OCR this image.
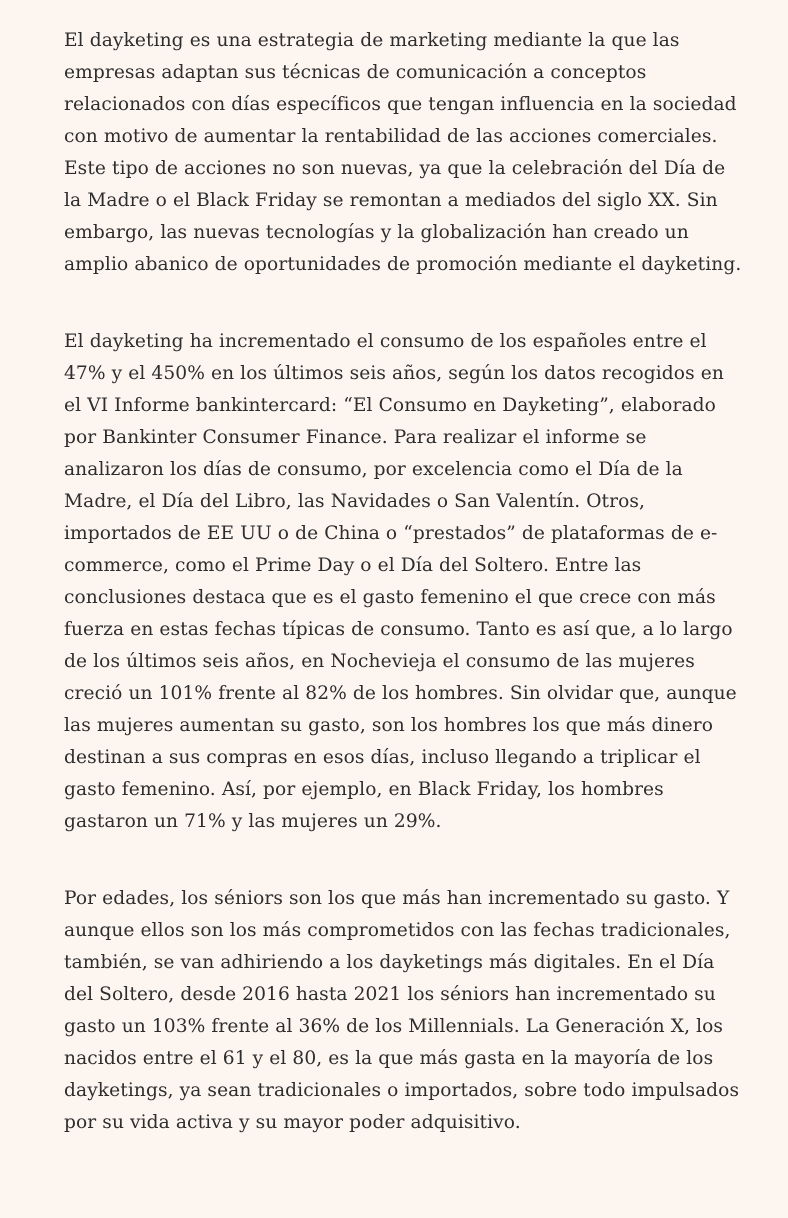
El dayketing es una estrategia de marketing mediante la que las empresas adaptan sus técnicas de comunicación a conceptos relacionados con días específicos que tengan influencia en la sociedad con motivo de aumentar la rentabilidad de las acciones comerciales. Este tipo de acciones no son nuevas, ya que la celebración del Día de la Madre o el Black Friday se remontan a mediados del siglo XX. Sin embargo, las nuevas tecnologías y la globalización han creado un amplio abanico de oportunidades de promoción mediante el dayketing.

El dayketing ha incrementado el consumo de los españoles entre el 47% y el 450% en los últimos seis años, según los datos recogidos en el VI Informe bankintercard: “El Consumo en Dayketing”, elaborado por Bankinter Consumer Finance. Para realizar el informe se analizaron los días de consumo, por excelencia como el Día de la Madre, el Día del Libro, las Navidades o San Valentín. Otros, importados de EE UU o de China o “prestados” de plataformas de e-commerce, como el Prime Day o el Día del Soltero. Entre las conclusiones destaca que es el gasto femenino el que crece con más fuerza en estas fechas típicas de consumo. Tanto es así que, a lo largo de los últimos seis años, en Nochevieja el consumo de las mujeres creció un 101% frente al 82% de los hombres. Sin olvidar que, aunque las mujeres aumentan su gasto, son los hombres los que más dinero destinan a sus compras en esos días, incluso llegando a triplicar el gasto femenino. Así, por ejemplo, en Black Friday, los hombres gastaron un 71% y las mujeres un 29%.

Por edades, los séniors son los que más han incrementado su gasto. Y aunque ellos son los más comprometidos con las fechas tradicionales, también, se van adhiriendo a los dayketings más digitales. En el Día del Soltero, desde 2016 hasta 2021 los séniors han incrementado su gasto un 103% frente al 36% de los Millennials. La Generación X, los nacidos entre el 61 y el 80, es la que más gasta en la mayoría de los dayketings, ya sean tradicionales o importados, sobre todo impulsados por su vida activa y su mayor poder adquisitivo.
